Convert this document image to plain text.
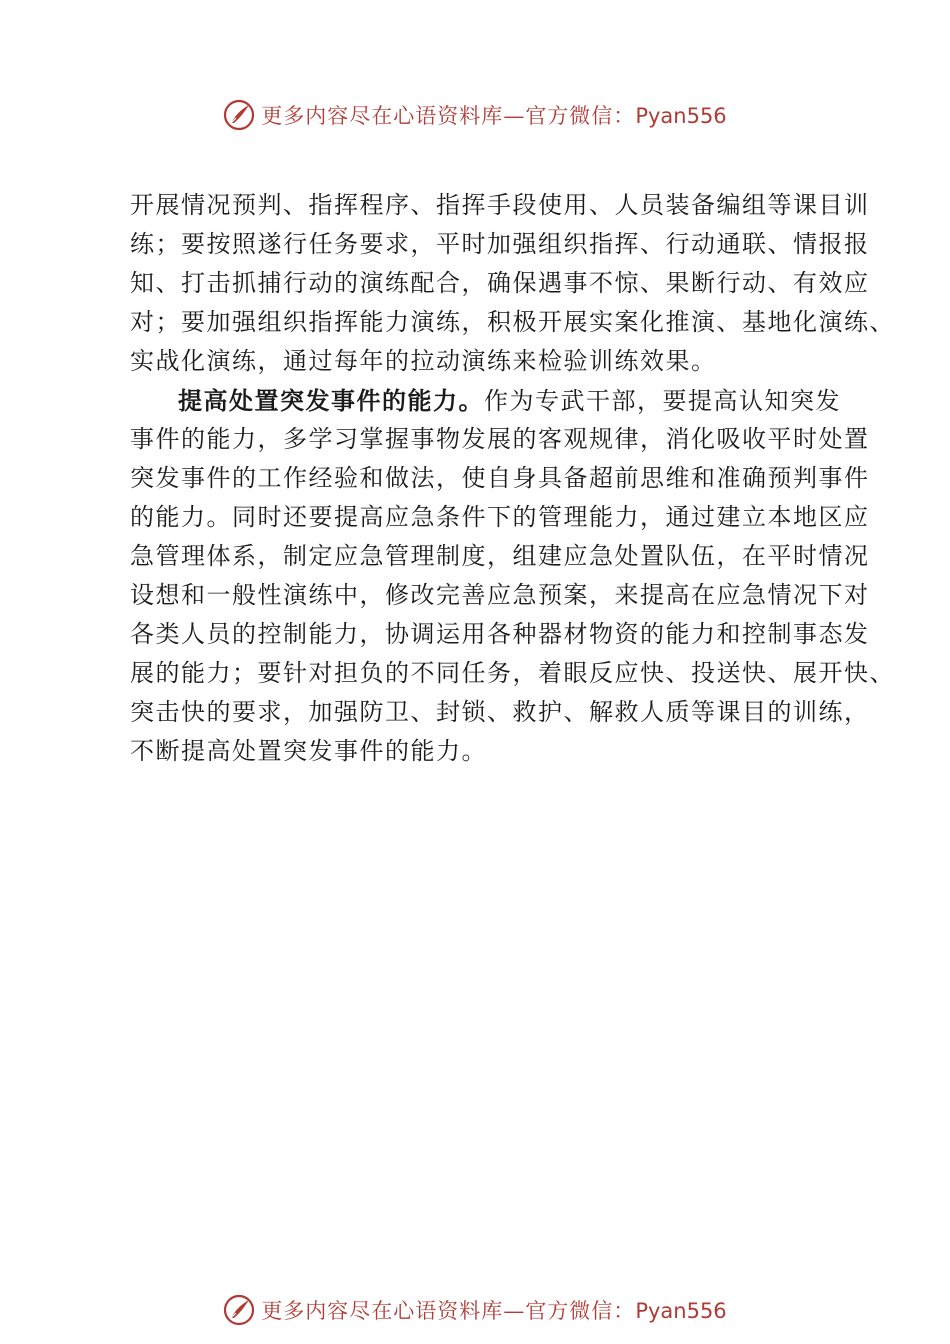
更多内容尽在心语资料库—官方微信：Pyan556
开展情况预判、指挥程序、指挥手段使用、人员装备编组等课目训
练；要按照遂行任务要求，平时加强组织指挥、行动通联、情报报
知、打击抓捕行动的演练配合，确保遇事不惊、果断行动、有效应
对；要加强组织指挥能力演练，积极开展实案化推演、基地化演练、
实战化演练，通过每年的拉动演练来检验训练效果。
提高处置突发事件的能力。作为专武干部，要提高认知突发
事件的能力，多学习掌握事物发展的客观规律，消化吸收平时处置
突发事件的工作经验和做法，使自身具备超前思维和准确预判事件
的能力。同时还要提高应急条件下的管理能力，通过建立本地区应
急管理体系，制定应急管理制度，组建应急处置队伍，在平时情况
设想和一般性演练中，修改完善应急预案，来提高在应急情况下对
各类人员的控制能力，协调运用各种器材物资的能力和控制事态发
展的能力；要针对担负的不同任务，着眼反应快、投送快、展开快、
突击快的要求，加强防卫、封锁、救护、解救人质等课目的训练，
不断提高处置突发事件的能力。
更多内容尽在心语资料库—官方微信：Pyan556
